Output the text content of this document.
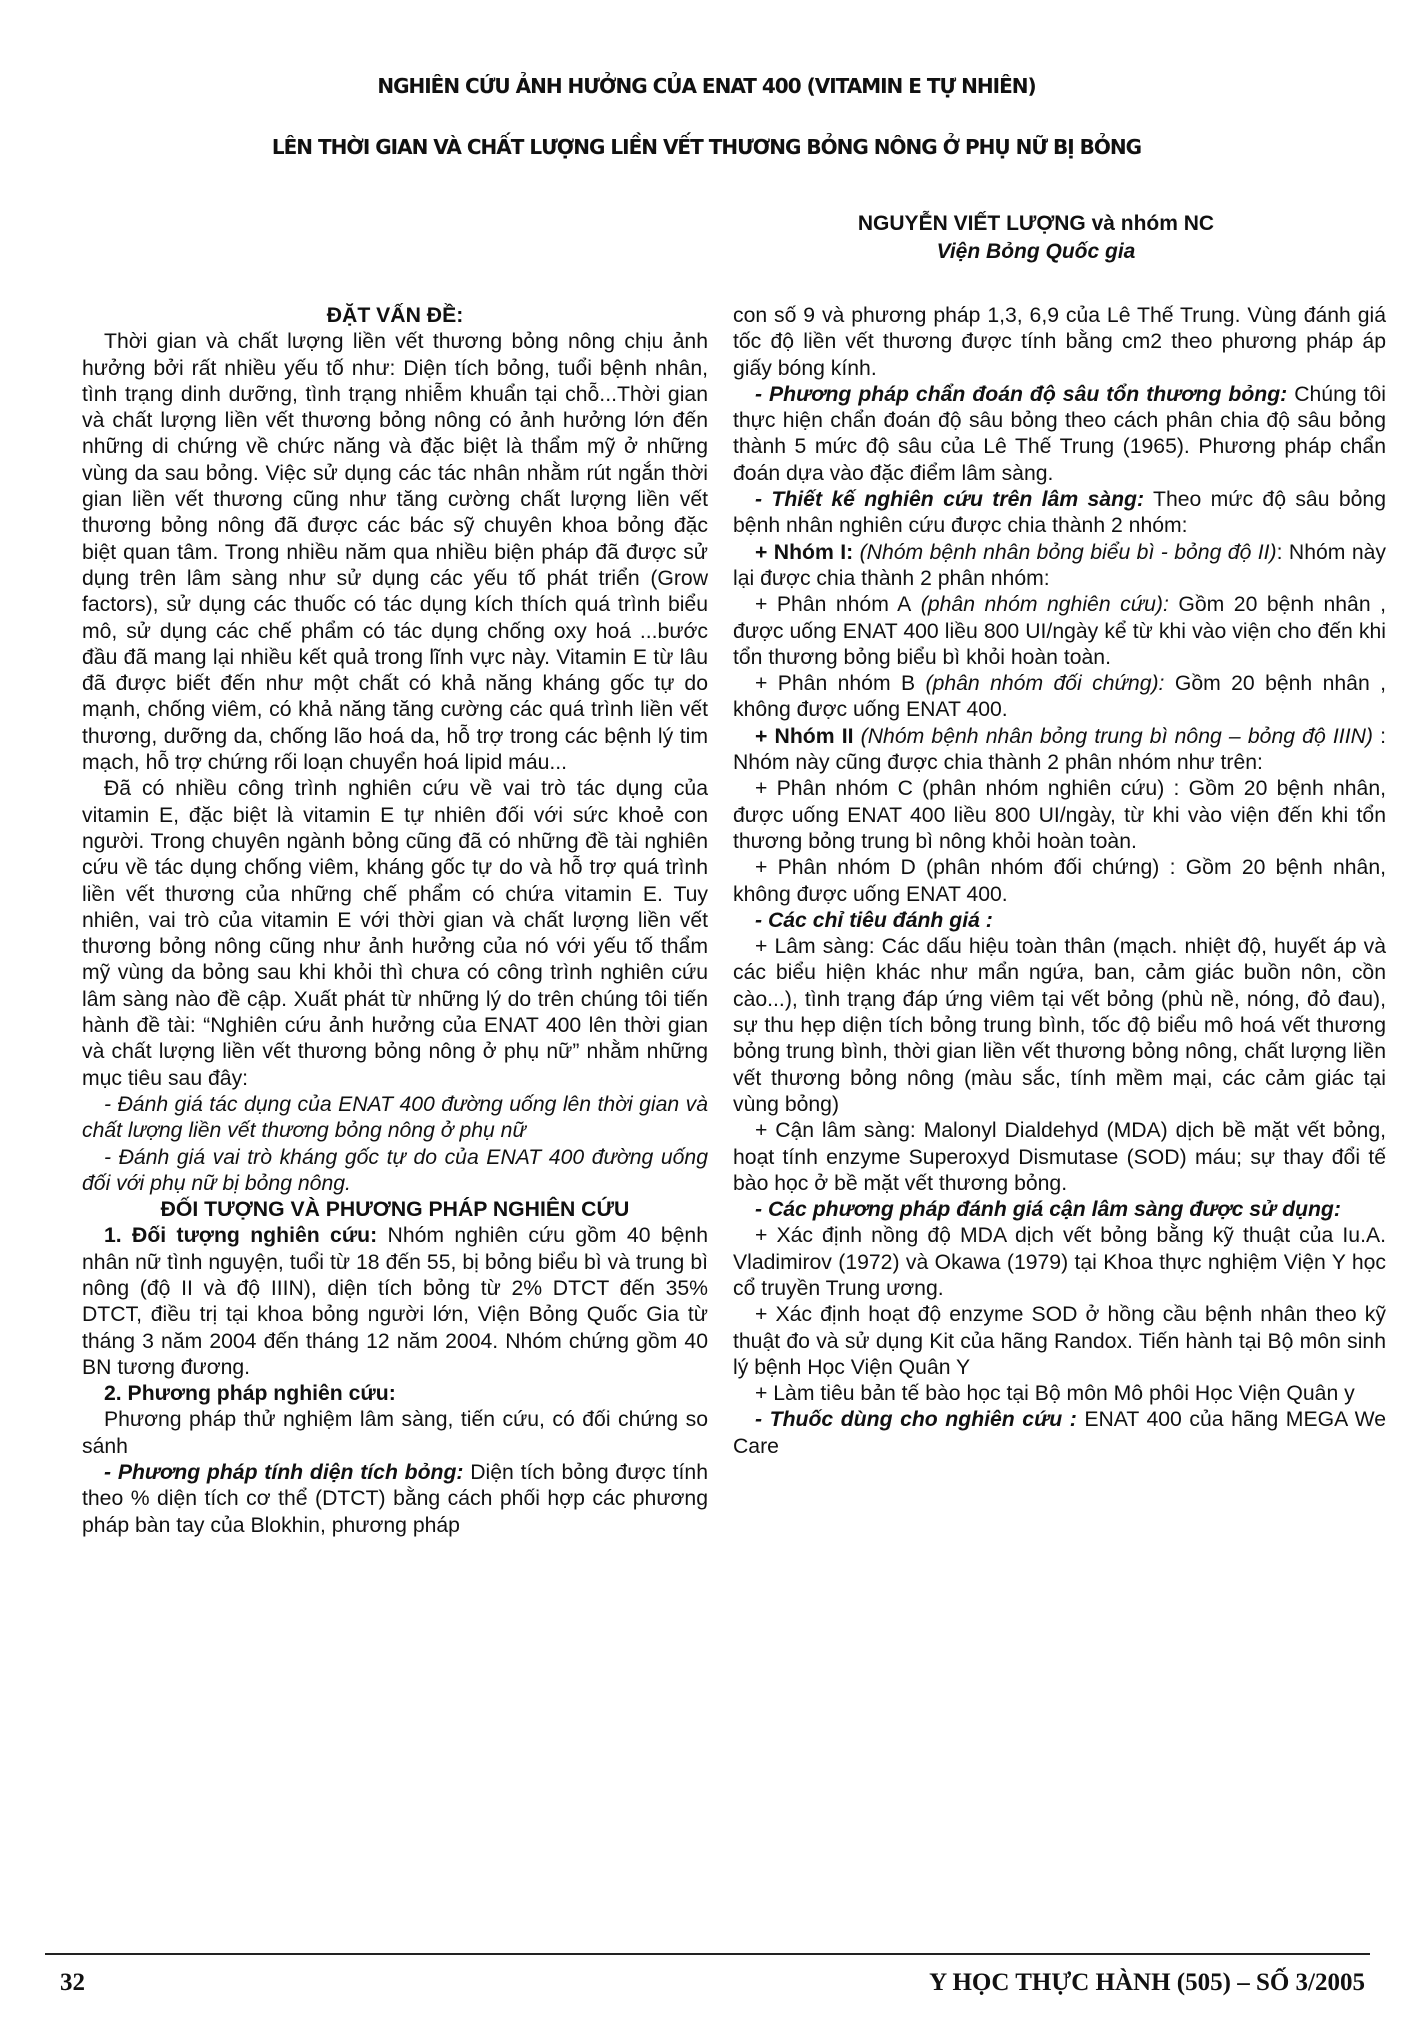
NGHIÊN CỨU ẢNH HƯỞNG CỦA ENAT 400 (VITAMIN E TỰ NHIÊN)
LÊN THỜI GIAN VÀ CHẤT LƯỢNG LIỀN VẾT THƯƠNG BỎNG NÔNG Ở PHỤ NỮ BỊ BỎNG
NGUYỄN VIẾT LƯỢNG và nhóm NC
Viện Bỏng Quốc gia

ĐẶT VẤN ĐỀ:

Thời gian và chất lượng liền vết thương bỏng nông chịu ảnh hưởng bởi rất nhiều yếu tố như: Diện tích bỏng, tuổi bệnh nhân, tình trạng dinh dưỡng, tình trạng nhiễm khuẩn tại chỗ...Thời gian và chất lượng liền vết thương bỏng nông có ảnh hưởng lớn đến những di chứng về chức năng và đặc biệt là thẩm mỹ ở những vùng da sau bỏng. Việc sử dụng các tác nhân nhằm rút ngắn thời gian liền vết thương cũng như tăng cường chất lượng liền vết thương bỏng nông đã được các bác sỹ chuyên khoa bỏng đặc biệt quan tâm. Trong nhiều năm qua nhiều biện pháp đã được sử dụng trên lâm sàng như sử dụng các yếu tố phát triển (Grow factors), sử dụng các thuốc có tác dụng kích thích quá trình biểu mô, sử dụng các chế phẩm có tác dụng chống oxy hoá ...bước đầu đã mang lại nhiều kết quả trong lĩnh vực này. Vitamin E từ lâu đã được biết đến như một chất có khả năng kháng gốc tự do mạnh, chống viêm, có khả năng tăng cường các quá trình liền vết thương, dưỡng da, chống lão hoá da, hỗ trợ trong các bệnh lý tim mạch, hỗ trợ chứng rối loạn chuyển hoá lipid máu...

Đã có nhiều công trình nghiên cứu về vai trò tác dụng của vitamin E, đặc biệt là vitamin E tự nhiên đối với sức khoẻ con người. Trong chuyên ngành bỏng cũng đã có những đề tài nghiên cứu về tác dụng chống viêm, kháng gốc tự do và hỗ trợ quá trình liền vết thương của những chế phẩm có chứa vitamin E. Tuy nhiên, vai trò của vitamin E với thời gian và chất lượng liền vết thương bỏng nông cũng như ảnh hưởng của nó với yếu tố thẩm mỹ vùng da bỏng sau khi khỏi thì chưa có công trình nghiên cứu lâm sàng nào đề cập. Xuất phát từ những lý do trên chúng tôi tiến hành đề tài: “Nghiên cứu ảnh hưởng của ENAT 400 lên thời gian và chất lượng liền vết thương bỏng nông ở phụ nữ” nhằm những mục tiêu sau đây:

- Đánh giá tác dụng của ENAT 400 đường uống lên thời gian và chất lượng liền vết thương bỏng nông ở phụ nữ

- Đánh giá vai trò kháng gốc tự do của ENAT 400 đường uống đối với phụ nữ bị bỏng nông.

ĐỐI TƯỢNG VÀ PHƯƠNG PHÁP NGHIÊN CỨU

1. Đối tượng nghiên cứu: Nhóm nghiên cứu gồm 40 bệnh nhân nữ tình nguyện, tuổi từ 18 đến 55, bị bỏng biểu bì và trung bì nông (độ II và độ IIIN), diện tích bỏng từ 2% DTCT đến 35% DTCT, điều trị tại khoa bỏng người lớn, Viện Bỏng Quốc Gia từ tháng 3 năm 2004 đến tháng 12 năm 2004. Nhóm chứng gồm 40 BN tương đương.

2. Phương pháp nghiên cứu:

Phương pháp thử nghiệm lâm sàng, tiến cứu, có đối chứng so sánh

- Phương pháp tính diện tích bỏng: Diện tích bỏng được tính theo % diện tích cơ thể (DTCT) bằng cách phối hợp các phương pháp bàn tay của Blokhin, phương pháp

con số 9 và phương pháp 1,3, 6,9 của Lê Thế Trung. Vùng đánh giá tốc độ liền vết thương được tính bằng cm2 theo phương pháp áp giấy bóng kính.

- Phương pháp chẩn đoán độ sâu tổn thương bỏng: Chúng tôi thực hiện chẩn đoán độ sâu bỏng theo cách phân chia độ sâu bỏng thành 5 mức độ sâu của Lê Thế Trung (1965). Phương pháp chẩn đoán dựa vào đặc điểm lâm sàng.

- Thiết kế nghiên cứu trên lâm sàng: Theo mức độ sâu bỏng bệnh nhân nghiên cứu được chia thành 2 nhóm:

+ Nhóm I: (Nhóm bệnh nhân bỏng biểu bì - bỏng độ II): Nhóm này lại được chia thành 2 phân nhóm:

+ Phân nhóm A (phân nhóm nghiên cứu): Gồm 20 bệnh nhân , được uống ENAT 400 liều 800 UI/ngày kể từ khi vào viện cho đến khi tổn thương bỏng biểu bì khỏi hoàn toàn.

+ Phân nhóm B (phân nhóm đối chứng): Gồm 20 bệnh nhân , không được uống ENAT 400.

+ Nhóm II (Nhóm bệnh nhân bỏng trung bì nông – bỏng độ IIIN) : Nhóm này cũng được chia thành 2 phân nhóm như trên:

+ Phân nhóm C (phân nhóm nghiên cứu) : Gồm 20 bệnh nhân, được uống ENAT 400 liều 800 UI/ngày, từ khi vào viện đến khi tổn thương bỏng trung bì nông khỏi hoàn toàn.

+ Phân nhóm D (phân nhóm đối chứng) : Gồm 20 bệnh nhân, không được uống ENAT 400.

- Các chỉ tiêu đánh giá :

+ Lâm sàng: Các dấu hiệu toàn thân (mạch. nhiệt độ, huyết áp và các biểu hiện khác như mẩn ngứa, ban, cảm giác buồn nôn, cồn cào...), tình trạng đáp ứng viêm tại vết bỏng (phù nề, nóng, đỏ đau), sự thu hẹp diện tích bỏng trung bình, tốc độ biểu mô hoá vết thương bỏng trung bình, thời gian liền vết thương bỏng nông, chất lượng liền vết thương bỏng nông (màu sắc, tính mềm mại, các cảm giác tại vùng bỏng)

+ Cận lâm sàng: Malonyl Dialdehyd (MDA) dịch bề mặt vết bỏng, hoạt tính enzyme Superoxyd Dismutase (SOD) máu; sự thay đổi tế bào học ở bề mặt vết thương bỏng.

- Các phương pháp đánh giá cận lâm sàng được sử dụng:

+ Xác định nồng độ MDA dịch vết bỏng bằng kỹ thuật của Iu.A. Vladimirov (1972) và Okawa (1979) tại Khoa thực nghiệm Viện Y học cổ truyền Trung ương.

+ Xác định hoạt độ enzyme SOD ở hồng cầu bệnh nhân theo kỹ thuật đo và sử dụng Kit của hãng Randox. Tiến hành tại Bộ môn sinh lý bệnh Học Viện Quân Y

+ Làm tiêu bản tế bào học tại Bộ môn Mô phôi Học Viện Quân y

- Thuốc dùng cho nghiên cứu : ENAT 400 của hãng MEGA We Care

32	Y HỌC THỰC HÀNH (505) – SỐ 3/2005
